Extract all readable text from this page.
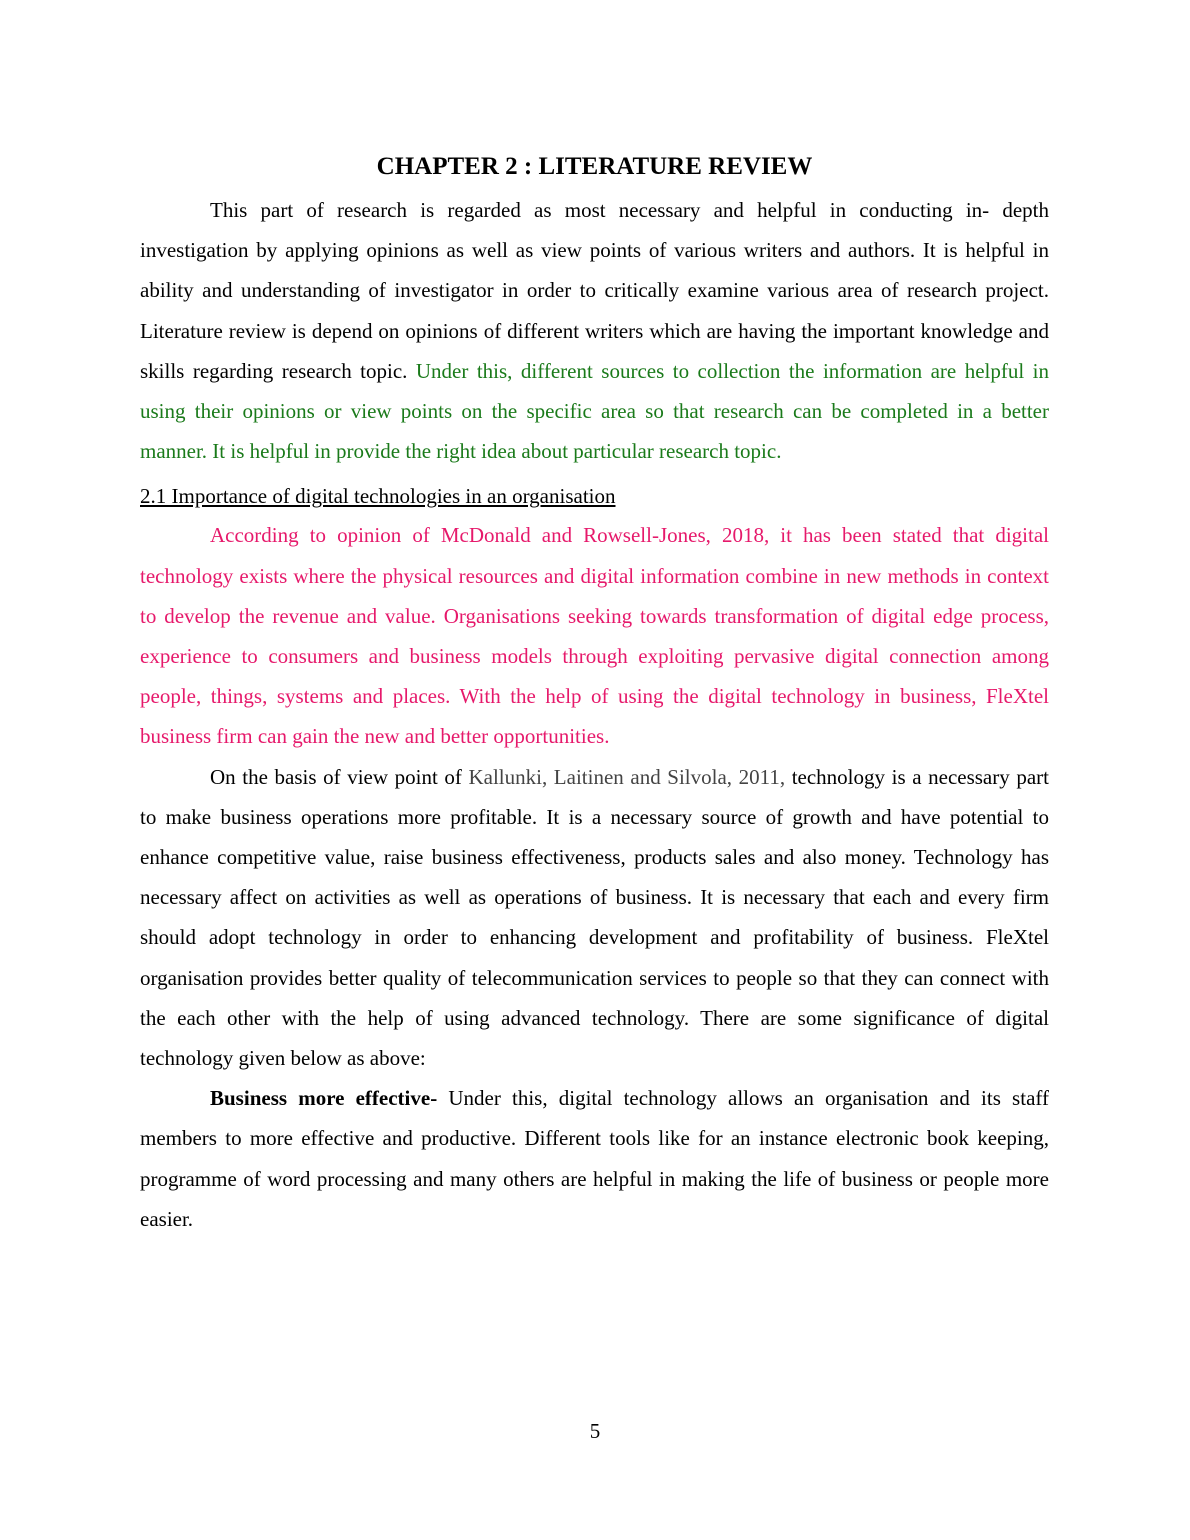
CHAPTER 2 : LITERATURE REVIEW

This part of research is regarded as most necessary and helpful in conducting in- depth investigation by applying opinions as well as view points of various writers and authors. It is helpful in ability and understanding of investigator in order to critically examine various area of research project. Literature review is depend on opinions of different writers which are having the important knowledge and skills regarding research topic. Under this, different sources to collection the information are helpful in using their opinions or view points on the specific area so that research can be completed in a better manner. It is helpful in provide the right idea about particular research topic.

2.1 Importance of digital technologies in an organisation

According to opinion of McDonald and Rowsell-Jones, 2018, it has been stated that digital technology exists where the physical resources and digital information combine in new methods in context to develop the revenue and value. Organisations seeking towards transformation of digital edge process, experience to consumers and business models through exploiting pervasive digital connection among people, things, systems and places. With the help of using the digital technology in business, FleXtel business firm can gain the new and better opportunities.

On the basis of view point of Kallunki, Laitinen and Silvola, 2011, technology is a necessary part to make business operations more profitable. It is a necessary source of growth and have potential to enhance competitive value, raise business effectiveness, products sales and also money. Technology has necessary affect on activities as well as operations of business. It is necessary that each and every firm should adopt technology in order to enhancing development and profitability of business. FleXtel organisation provides better quality of telecommunication services to people so that they can connect with the each other with the help of using advanced technology. There are some significance of digital technology given below as above:

Business more effective- Under this, digital technology allows an organisation and its staff members to more effective and productive. Different tools like for an instance electronic book keeping, programme of word processing and many others are helpful in making the life of business or people more easier.

5
